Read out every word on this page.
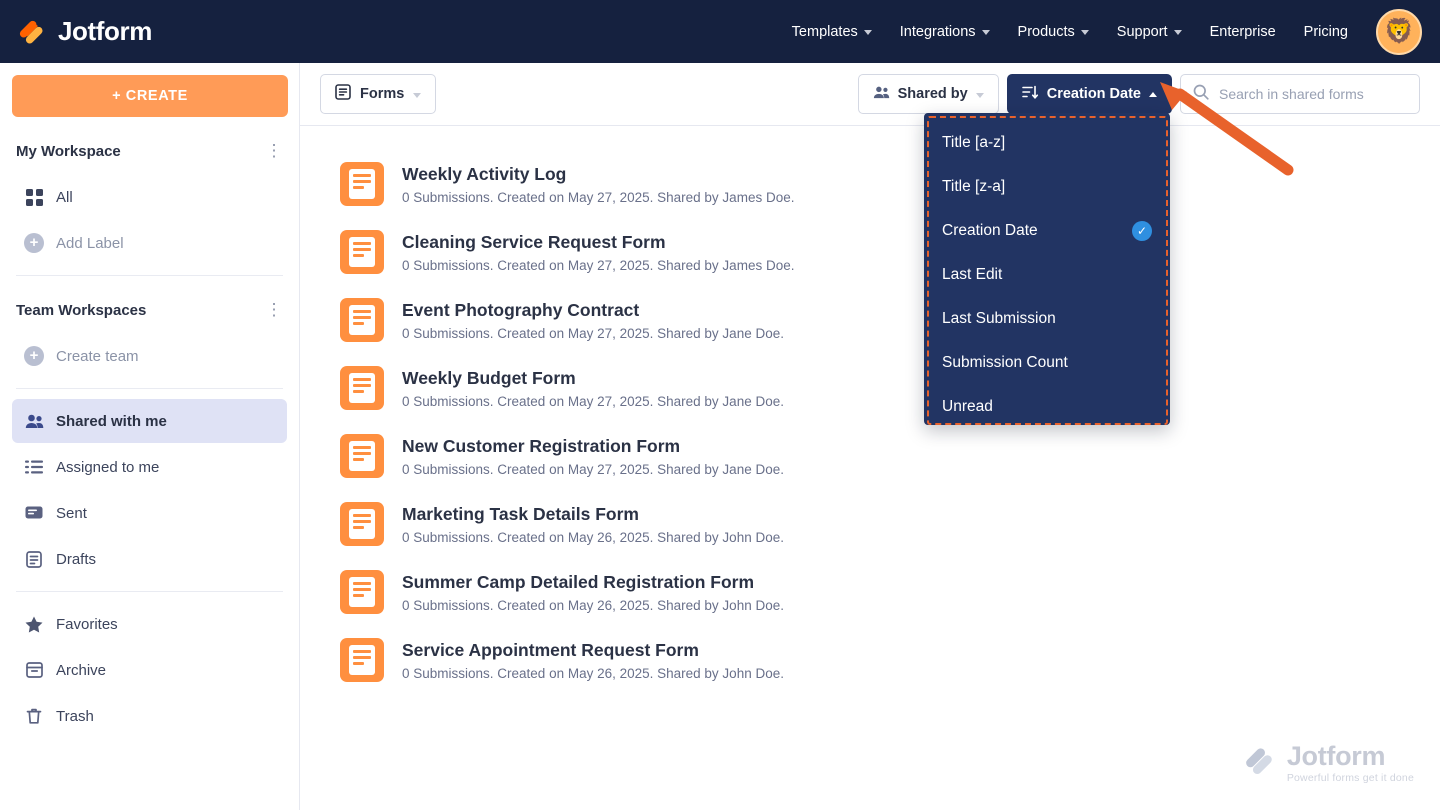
Jotform	Templates	Integrations	Products	Support	Enterprise Pricing 🦁
+ CREATE
My Workspace	⋮
All
+	Add Label
Team Workspaces	⋮
+	Create team
Shared with me
Assigned to me
Sent
Drafts
Favorites
Archive
Trash
Forms	Shared by	Creation Date
Search in shared forms
Weekly Activity Log
0 Submissions. Created on May 27, 2025. Shared by James Doe.
Cleaning Service Request Form
0 Submissions. Created on May 27, 2025. Shared by James Doe.
Event Photography Contract
0 Submissions. Created on May 27, 2025. Shared by Jane Doe.
Weekly Budget Form
0 Submissions. Created on May 27, 2025. Shared by Jane Doe.
New Customer Registration Form
0 Submissions. Created on May 27, 2025. Shared by Jane Doe.
Marketing Task Details Form
0 Submissions. Created on May 26, 2025. Shared by John Doe.
Summer Camp Detailed Registration Form
0 Submissions. Created on May 26, 2025. Shared by John Doe.
Service Appointment Request Form
0 Submissions. Created on May 26, 2025. Shared by John Doe.
Jotform
Powerful forms get it done
Title [a-z]
Title [z-a]
Creation Date	✓
Last Edit
Last Submission
Submission Count
Unread
